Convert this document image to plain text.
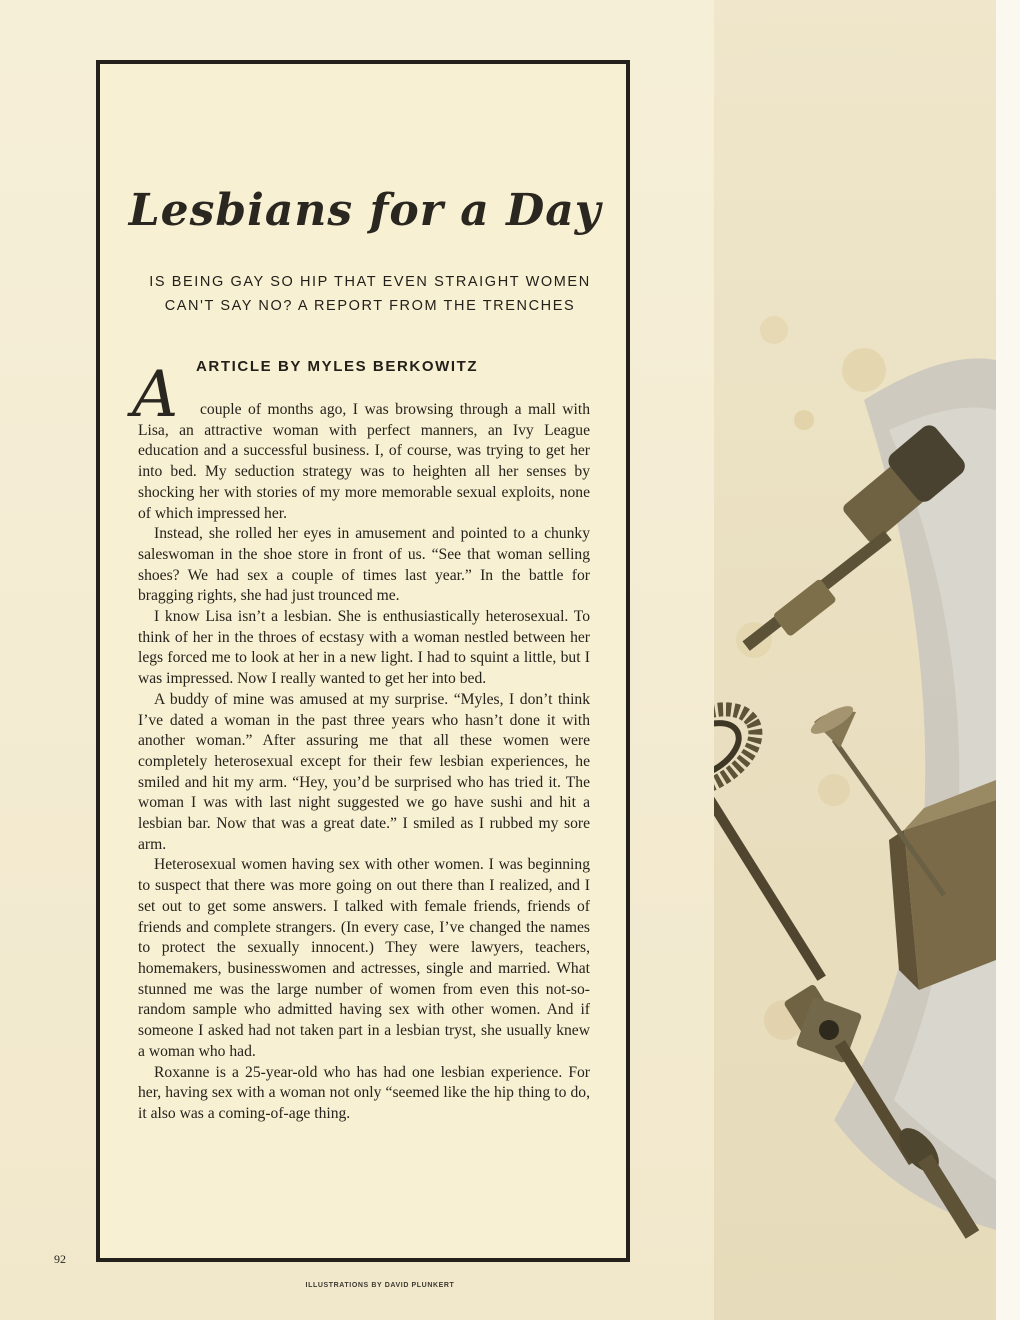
Lesbians for a Day
IS BEING GAY SO HIP THAT EVEN STRAIGHT WOMEN CAN'T SAY NO? A REPORT FROM THE TRENCHES
A	ARTICLE BY MYLES BERKOWITZ

couple of months ago, I was browsing through a mall with Lisa, an attractive woman with perfect manners, an Ivy League education and a successful business. I, of course, was trying to get her into bed. My seduction strategy was to heighten all her senses by shocking her with stories of my more memorable sexual exploits, none of which impressed her.

Instead, she rolled her eyes in amusement and pointed to a chunky saleswoman in the shoe store in front of us. “See that woman selling shoes? We had sex a couple of times last year.” In the battle for bragging rights, she had just trounced me.

I know Lisa isn’t a lesbian. She is enthusiastically heterosexual. To think of her in the throes of ecstasy with a woman nestled between her legs forced me to look at her in a new light. I had to squint a little, but I was impressed. Now I really wanted to get her into bed.

A buddy of mine was amused at my surprise. “Myles, I don’t think I’ve dated a woman in the past three years who hasn’t done it with another woman.” After assuring me that all these women were completely heterosexual except for their few lesbian experiences, he smiled and hit my arm. “Hey, you’d be surprised who has tried it. The woman I was with last night suggested we go have sushi and hit a lesbian bar. Now that was a great date.” I smiled as I rubbed my sore arm.

Heterosexual women having sex with other women. I was beginning to suspect that there was more going on out there than I realized, and I set out to get some answers. I talked with female friends, friends of friends and complete strangers. (In every case, I’ve changed the names to protect the sexually innocent.) They were lawyers, teachers, homemakers, businesswomen and actresses, single and married. What stunned me was the large number of women from even this not-so-random sample who admitted having sex with other women. And if someone I asked had not taken part in a lesbian tryst, she usually knew a woman who had.

Roxanne is a 25-year-old who has had one lesbian experience. For her, having sex with a woman not only “seemed like the hip thing to do, it also was a coming-of-age thing.

92
ILLUSTRATIONS BY DAVID PLUNKERT
